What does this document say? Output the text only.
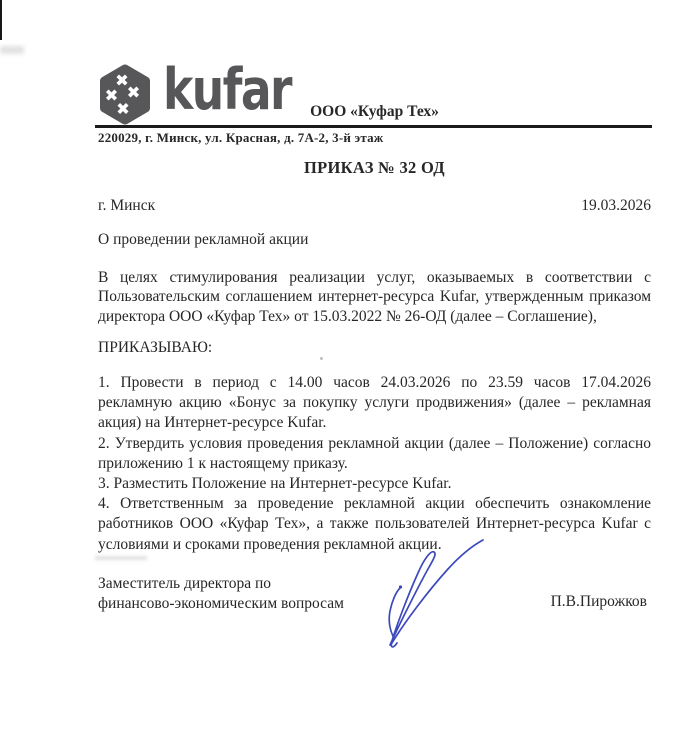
kufar	ООО «Куфар Тех»
220029, г. Минск, ул. Красная, д. 7А-2, 3-й этаж
ПРИКАЗ № 32 ОД
г. Минск	19.03.2026
О проведении рекламной акции
В целях стимулирования реализации услуг, оказываемых в соответствии с Пользовательским соглашением интернет-ресурса Kufar, утвержденным приказом директора ООО «Куфар Тех» от 15.03.2022 № 26-ОД (далее – Соглашение),
ПРИКАЗЫВАЮ:

1. Провести в период с 14.00 часов 24.03.2026 по 23.59 часов 17.04.2026 рекламную акцию «Бонус за покупку услуги продвижения» (далее – рекламная акция) на Интернет-ресурсе Kufar.

2. Утвердить условия проведения рекламной акции (далее – Положение) согласно приложению 1 к настоящему приказу.

3. Разместить Положение на Интернет-ресурсе Kufar.

4. Ответственным за проведение рекламной акции обеспечить ознакомление работников ООО «Куфар Тех», а также пользователей Интернет-ресурса Kufar с условиями и сроками проведения рекламной акции.

Заместитель директора по
финансово-экономическим вопросам	П.В.Пирожков
